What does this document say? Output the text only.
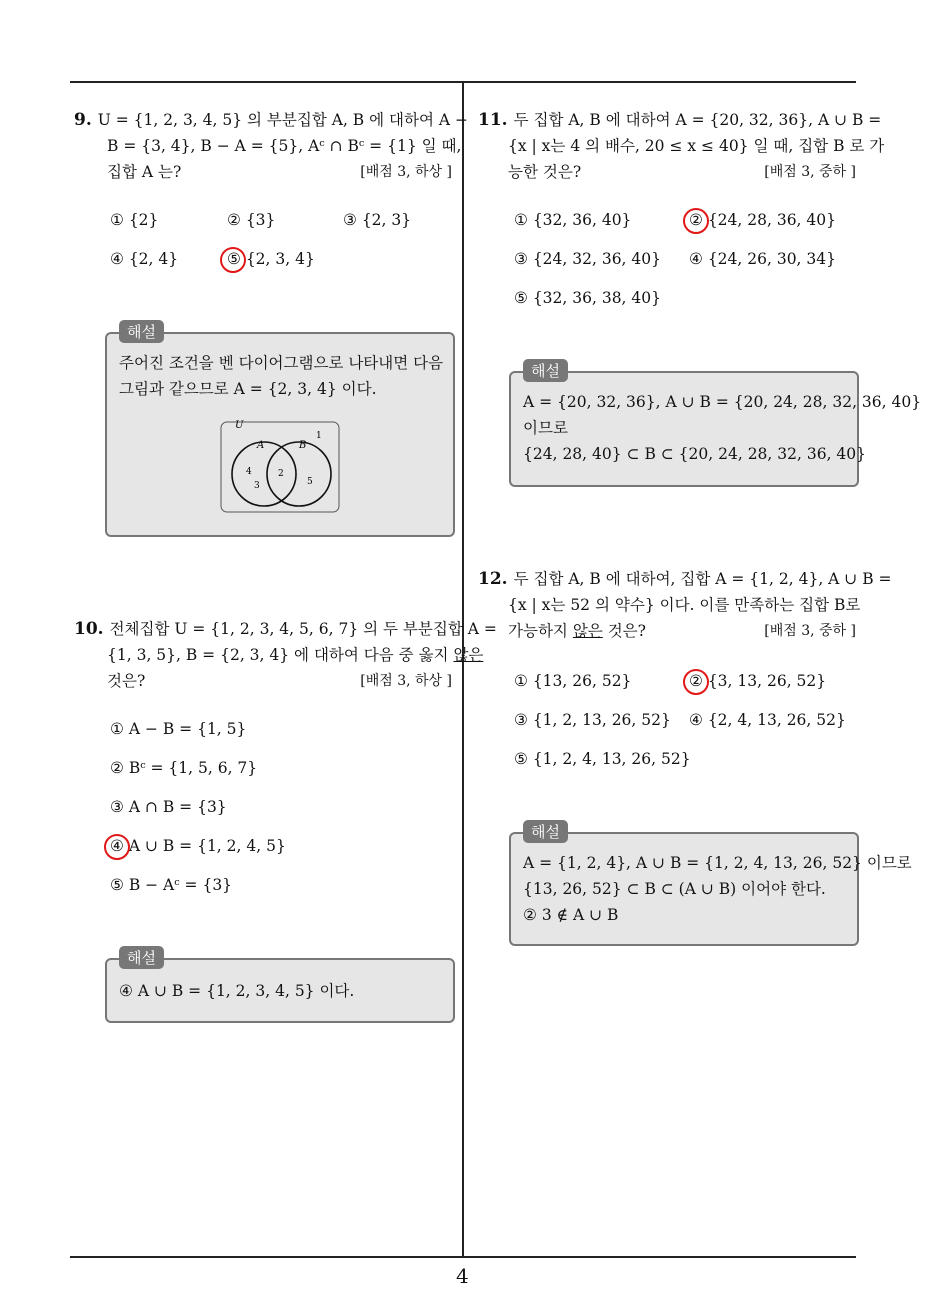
9. U = {1, 2, 3, 4, 5} 의 부분집합 A, B 에 대하여 A −
B = {3, 4}, B − A = {5}, Aᶜ ∩ Bᶜ = {1} 일 때,
집합 A 는?	[배점 3, 하상 ]
① {2}	② {3}	③ {2, 3}
④ {2, 4}	⑤ {2, 3, 4}
해설
주어진 조건을 벤 다이어그램으로 나타내면 다음
그림과 같으므로 A = {2, 3, 4} 이다.
U
A	B
1
4
3
2
5
10. 전체집합 U = {1, 2, 3, 4, 5, 6, 7} 의 두 부분집합 A =
{1, 3, 5}, B = {2, 3, 4} 에 대하여 다음 중 옳지 않은
것은?	[배점 3, 하상 ]
① A − B = {1, 5}
② Bᶜ = {1, 5, 6, 7}
③ A ∩ B = {3}
④ A ∪ B = {1, 2, 4, 5}
⑤ B − Aᶜ = {3}
해설
④ A ∪ B = {1, 2, 3, 4, 5} 이다.
11. 두 집합 A, B 에 대하여 A = {20, 32, 36}, A ∪ B =
{x | x는 4 의 배수, 20 ≤ x ≤ 40} 일 때, 집합 B 로 가
능한 것은?	[배점 3, 중하 ]
① {32, 36, 40}	② {24, 28, 36, 40}
③ {24, 32, 36, 40} ④ {24, 26, 30, 34}
⑤ {32, 36, 38, 40}
해설
A = {20, 32, 36}, A ∪ B = {20, 24, 28, 32, 36, 40}
이므로
{24, 28, 40} ⊂ B ⊂ {20, 24, 28, 32, 36, 40}
12. 두 집합 A, B 에 대하여, 집합 A = {1, 2, 4}, A ∪ B =
{x | x는 52 의 약수} 이다. 이를 만족하는 집합 B로
가능하지 않은 것은?	[배점 3, 중하 ]
① {13, 26, 52}	② {3, 13, 26, 52}
③ {1, 2, 13, 26, 52} ④ {2, 4, 13, 26, 52}
⑤ {1, 2, 4, 13, 26, 52}
해설
A = {1, 2, 4}, A ∪ B = {1, 2, 4, 13, 26, 52} 이므로
{13, 26, 52} ⊂ B ⊂ (A ∪ B) 이어야 한다.
② 3 ∉ A ∪ B
4
